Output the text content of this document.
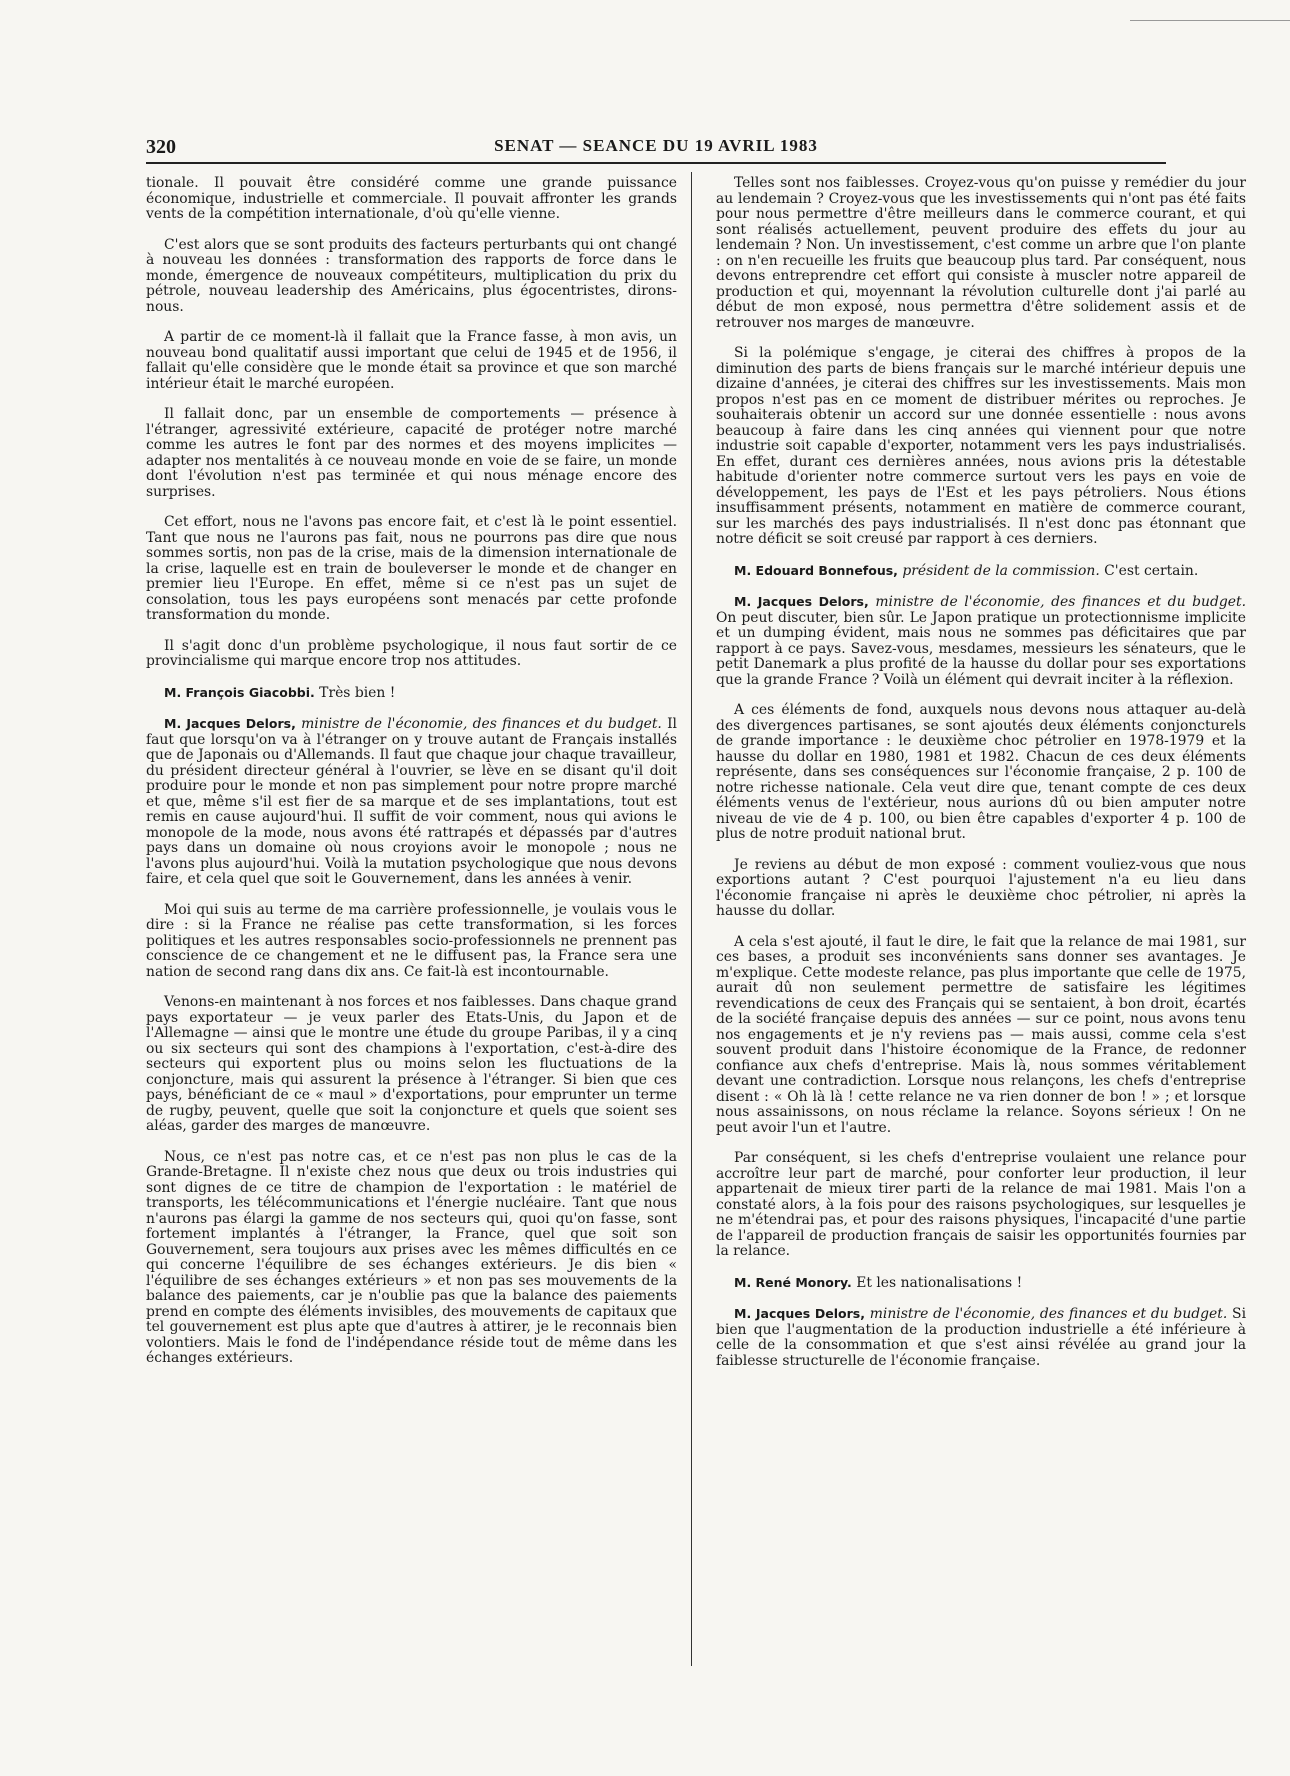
320	SENAT — SEANCE DU 19 AVRIL 1983

tionale. Il pouvait être considéré comme une grande puissance économique, industrielle et commerciale. Il pouvait affronter les grands vents de la compétition internationale, d'où qu'elle vienne.

C'est alors que se sont produits des facteurs perturbants qui ont changé à nouveau les données : transformation des rapports de force dans le monde, émergence de nouveaux compétiteurs, multiplication du prix du pétrole, nouveau leadership des Américains, plus égocentristes, dirons-nous.

A partir de ce moment-là il fallait que la France fasse, à mon avis, un nouveau bond qualitatif aussi important que celui de 1945 et de 1956, il fallait qu'elle considère que le monde était sa province et que son marché intérieur était le marché européen.

Il fallait donc, par un ensemble de comportements — présence à l'étranger, agressivité extérieure, capacité de protéger notre marché comme les autres le font par des normes et des moyens implicites — adapter nos mentalités à ce nouveau monde en voie de se faire, un monde dont l'évolution n'est pas terminée et qui nous ménage encore des surprises.

Cet effort, nous ne l'avons pas encore fait, et c'est là le point essentiel. Tant que nous ne l'aurons pas fait, nous ne pourrons pas dire que nous sommes sortis, non pas de la crise, mais de la dimension internationale de la crise, laquelle est en train de bouleverser le monde et de changer en premier lieu l'Europe. En effet, même si ce n'est pas un sujet de consolation, tous les pays européens sont menacés par cette profonde transformation du monde.

Il s'agit donc d'un problème psychologique, il nous faut sortir de ce provincialisme qui marque encore trop nos attitudes.

M. François Giacobbi. Très bien !

M. Jacques Delors, ministre de l'économie, des finances et du budget. Il faut que lorsqu'on va à l'étranger on y trouve autant de Français installés que de Japonais ou d'Allemands. Il faut que chaque jour chaque travailleur, du président directeur général à l'ouvrier, se lève en se disant qu'il doit produire pour le monde et non pas simplement pour notre propre marché et que, même s'il est fier de sa marque et de ses implantations, tout est remis en cause aujourd'hui. Il suffit de voir comment, nous qui avions le monopole de la mode, nous avons été rattrapés et dépassés par d'autres pays dans un domaine où nous croyions avoir le monopole ; nous ne l'avons plus aujourd'hui. Voilà la mutation psychologique que nous devons faire, et cela quel que soit le Gouvernement, dans les années à venir.

Moi qui suis au terme de ma carrière professionnelle, je voulais vous le dire : si la France ne réalise pas cette transformation, si les forces politiques et les autres responsables socio-professionnels ne prennent pas conscience de ce changement et ne le diffusent pas, la France sera une nation de second rang dans dix ans. Ce fait-là est incontournable.

Venons-en maintenant à nos forces et nos faiblesses. Dans chaque grand pays exportateur — je veux parler des Etats-Unis, du Japon et de l'Allemagne — ainsi que le montre une étude du groupe Paribas, il y a cinq ou six secteurs qui sont des champions à l'exportation, c'est-à-dire des secteurs qui exportent plus ou moins selon les fluctuations de la conjoncture, mais qui assurent la présence à l'étranger. Si bien que ces pays, bénéficiant de ce « maul » d'exportations, pour emprunter un terme de rugby, peuvent, quelle que soit la conjoncture et quels que soient ses aléas, garder des marges de manœuvre.

Nous, ce n'est pas notre cas, et ce n'est pas non plus le cas de la Grande-Bretagne. Il n'existe chez nous que deux ou trois industries qui sont dignes de ce titre de champion de l'exportation : le matériel de transports, les télécommunications et l'énergie nucléaire. Tant que nous n'aurons pas élargi la gamme de nos secteurs qui, quoi qu'on fasse, sont fortement implantés à l'étranger, la France, quel que soit son Gouvernement, sera toujours aux prises avec les mêmes difficultés en ce qui concerne l'équilibre de ses échanges extérieurs. Je dis bien « l'équilibre de ses échanges extérieurs » et non pas ses mouvements de la balance des paiements, car je n'oublie pas que la balance des paiements prend en compte des éléments invisibles, des mouvements de capitaux que tel gouvernement est plus apte que d'autres à attirer, je le reconnais bien volontiers. Mais le fond de l'indépendance réside tout de même dans les échanges extérieurs.

Telles sont nos faiblesses. Croyez-vous qu'on puisse y remédier du jour au lendemain ? Croyez-vous que les investissements qui n'ont pas été faits pour nous permettre d'être meilleurs dans le commerce courant, et qui sont réalisés actuellement, peuvent produire des effets du jour au lendemain ? Non. Un investissement, c'est comme un arbre que l'on plante : on n'en recueille les fruits que beaucoup plus tard. Par conséquent, nous devons entreprendre cet effort qui consiste à muscler notre appareil de production et qui, moyennant la révolution culturelle dont j'ai parlé au début de mon exposé, nous permettra d'être solidement assis et de retrouver nos marges de manœuvre.

Si la polémique s'engage, je citerai des chiffres à propos de la diminution des parts de biens français sur le marché intérieur depuis une dizaine d'années, je citerai des chiffres sur les investissements. Mais mon propos n'est pas en ce moment de distribuer mérites ou reproches. Je souhaiterais obtenir un accord sur une donnée essentielle : nous avons beaucoup à faire dans les cinq années qui viennent pour que notre industrie soit capable d'exporter, notamment vers les pays industrialisés. En effet, durant ces dernières années, nous avions pris la détestable habitude d'orienter notre commerce surtout vers les pays en voie de développement, les pays de l'Est et les pays pétroliers. Nous étions insuffisamment présents, notamment en matière de commerce courant, sur les marchés des pays industrialisés. Il n'est donc pas étonnant que notre déficit se soit creusé par rapport à ces derniers.

M. Edouard Bonnefous, président de la commission. C'est certain.

M. Jacques Delors, ministre de l'économie, des finances et du budget. On peut discuter, bien sûr. Le Japon pratique un protectionnisme implicite et un dumping évident, mais nous ne sommes pas déficitaires que par rapport à ce pays. Savez-vous, mesdames, messieurs les sénateurs, que le petit Danemark a plus profité de la hausse du dollar pour ses exportations que la grande France ? Voilà un élément qui devrait inciter à la réflexion.

A ces éléments de fond, auxquels nous devons nous attaquer au-delà des divergences partisanes, se sont ajoutés deux éléments conjoncturels de grande importance : le deuxième choc pétrolier en 1978-1979 et la hausse du dollar en 1980, 1981 et 1982. Chacun de ces deux éléments représente, dans ses conséquences sur l'économie française, 2 p. 100 de notre richesse nationale. Cela veut dire que, tenant compte de ces deux éléments venus de l'extérieur, nous aurions dû ou bien amputer notre niveau de vie de 4 p. 100, ou bien être capables d'exporter 4 p. 100 de plus de notre produit national brut.

Je reviens au début de mon exposé : comment vouliez-vous que nous exportions autant ? C'est pourquoi l'ajustement n'a eu lieu dans l'économie française ni après le deuxième choc pétrolier, ni après la hausse du dollar.

A cela s'est ajouté, il faut le dire, le fait que la relance de mai 1981, sur ces bases, a produit ses inconvénients sans donner ses avantages. Je m'explique. Cette modeste relance, pas plus importante que celle de 1975, aurait dû non seulement permettre de satisfaire les légitimes revendications de ceux des Français qui se sentaient, à bon droit, écartés de la société française depuis des années — sur ce point, nous avons tenu nos engagements et je n'y reviens pas — mais aussi, comme cela s'est souvent produit dans l'histoire économique de la France, de redonner confiance aux chefs d'entreprise. Mais là, nous sommes véritablement devant une contradiction. Lorsque nous relançons, les chefs d'entreprise disent : « Oh là là ! cette relance ne va rien donner de bon ! » ; et lorsque nous assainissons, on nous réclame la relance. Soyons sérieux ! On ne peut avoir l'un et l'autre.

Par conséquent, si les chefs d'entreprise voulaient une relance pour accroître leur part de marché, pour conforter leur production, il leur appartenait de mieux tirer parti de la relance de mai 1981. Mais l'on a constaté alors, à la fois pour des raisons psychologiques, sur lesquelles je ne m'étendrai pas, et pour des raisons physiques, l'incapacité d'une partie de l'appareil de production français de saisir les opportunités fournies par la relance.

M. René Monory. Et les nationalisations !

M. Jacques Delors, ministre de l'économie, des finances et du budget. Si bien que l'augmentation de la production industrielle a été inférieure à celle de la consommation et que s'est ainsi révélée au grand jour la faiblesse structurelle de l'économie française.
